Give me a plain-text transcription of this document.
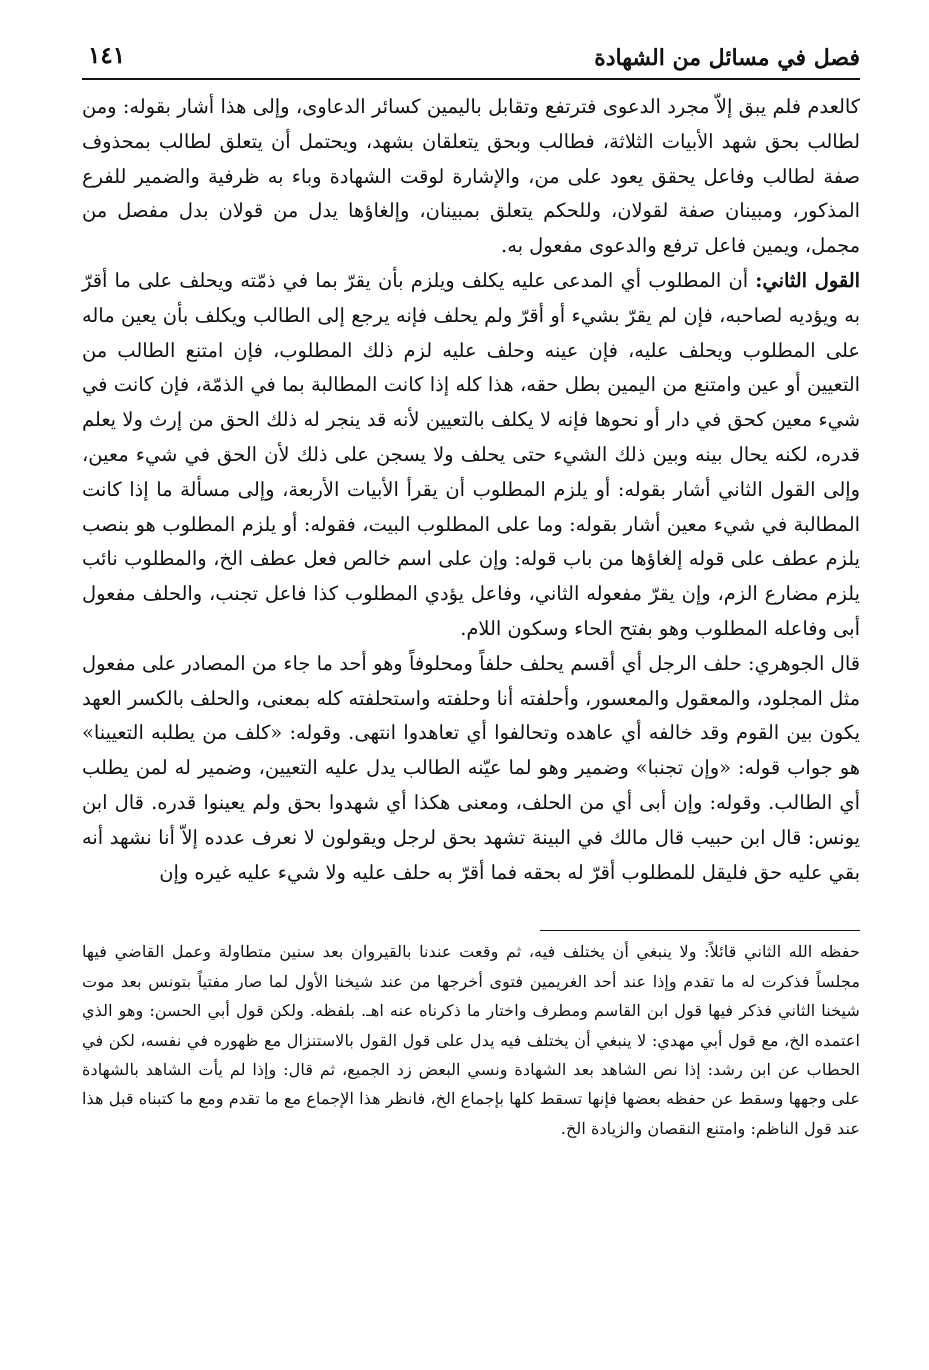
فصل في مسائل من الشهادة
١٤١

كالعدم فلم يبق إلاّ مجرد الدعوى فترتفع وتقابل باليمين كسائر الدعاوى، وإلى هذا أشار بقوله: ومن لطالب بحق شهد الأبيات الثلاثة، فطالب وبحق يتعلقان بشهد، ويحتمل أن يتعلق لطالب بمحذوف صفة لطالب وفاعل يحقق يعود على من، والإشارة لوقت الشهادة وباء به ظرفية والضمير للفرع المذكور، ومبينان صفة لقولان، وللحكم يتعلق بمبينان، وإلغاؤها يدل من قولان بدل مفصل من مجمل، ويمين فاعل ترفع والدعوى مفعول به.

القول الثاني: أن المطلوب أي المدعى عليه يكلف ويلزم بأن يقرّ بما في ذمّته ويحلف على ما أقرّ به ويؤديه لصاحبه، فإن لم يقرّ بشيء أو أقرّ ولم يحلف فإنه يرجع إلى الطالب ويكلف بأن يعين ماله على المطلوب ويحلف عليه، فإن عينه وحلف عليه لزم ذلك المطلوب، فإن امتنع الطالب من التعيين أو عين وامتنع من اليمين بطل حقه، هذا كله إذا كانت المطالبة بما في الذمّة، فإن كانت في شيء معين كحق في دار أو نحوها فإنه لا يكلف بالتعيين لأنه قد ينجر له ذلك الحق من إرث ولا يعلم قدره، لكنه يحال بينه وبين ذلك الشيء حتى يحلف ولا يسجن على ذلك لأن الحق في شيء معين، وإلى القول الثاني أشار بقوله: أو يلزم المطلوب أن يقرأ الأبيات الأربعة، وإلى مسألة ما إذا كانت المطالبة في شيء معين أشار بقوله: وما على المطلوب البيت، فقوله: أو يلزم المطلوب هو بنصب يلزم عطف على قوله إلغاؤها من باب قوله: وإن على اسم خالص فعل عطف الخ، والمطلوب نائب يلزم مضارع الزم، وإن يقرّ مفعوله الثاني، وفاعل يؤدي المطلوب كذا فاعل تجنب، والحلف مفعول أبى وفاعله المطلوب وهو بفتح الحاء وسكون اللام.

قال الجوهري: حلف الرجل أي أقسم يحلف حلفاً ومحلوفاً وهو أحد ما جاء من المصادر على مفعول مثل المجلود، والمعقول والمعسور، وأحلفته أنا وحلفته واستحلفته كله بمعنى، والحلف بالكسر العهد يكون بين القوم وقد خالفه أي عاهده وتحالفوا أي تعاهدوا انتهى. وقوله: «كلف من يطلبه التعيينا» هو جواب قوله: «وإن تجنبا» وضمير وهو لما عيّنه الطالب يدل عليه التعيين، وضمير له لمن يطلب أي الطالب. وقوله: وإن أبى أي من الحلف، ومعنى هكذا أي شهدوا بحق ولم يعينوا قدره. قال ابن يونس: قال ابن حبيب قال مالك في البينة تشهد بحق لرجل ويقولون لا نعرف عدده إلاّ أنا نشهد أنه بقي عليه حق فليقل للمطلوب أقرّ له بحقه فما أقرّ به حلف عليه ولا شيء عليه غيره وإن

حفظه الله الثاني قائلاً: ولا ينبغي أن يختلف فيه، ثم وقعت عندنا بالقيروان بعد سنين متطاولة وعمل القاضي فيها مجلساً فذكرت له ما تقدم وإذا عند أحد الغريمين فتوى أخرجها من عند شيخنا الأول لما صار مفتياً بتونس بعد موت شيخنا الثاني فذكر فيها قول ابن القاسم ومطرف واختار ما ذكرناه عنه اهـ. بلفظه. ولكن قول أبي الحسن: وهو الذي اعتمده الخ، مع قول أبي مهدي: لا ينبغي أن يختلف فيه يدل على قول القول بالاستنزال مع ظهوره في نفسه، لكن في الحطاب عن ابن رشد: إذا نص الشاهد بعد الشهادة ونسي البعض زد الجميع، ثم قال: وإذا لم يأت الشاهد بالشهادة على وجهها وسقط عن حفظه بعضها فإنها تسقط كلها بإجماع الخ، فانظر هذا الإجماع مع ما تقدم ومع ما كتبناه قبل هذا عند قول الناظم: وامتنع النقصان والزيادة الخ.
